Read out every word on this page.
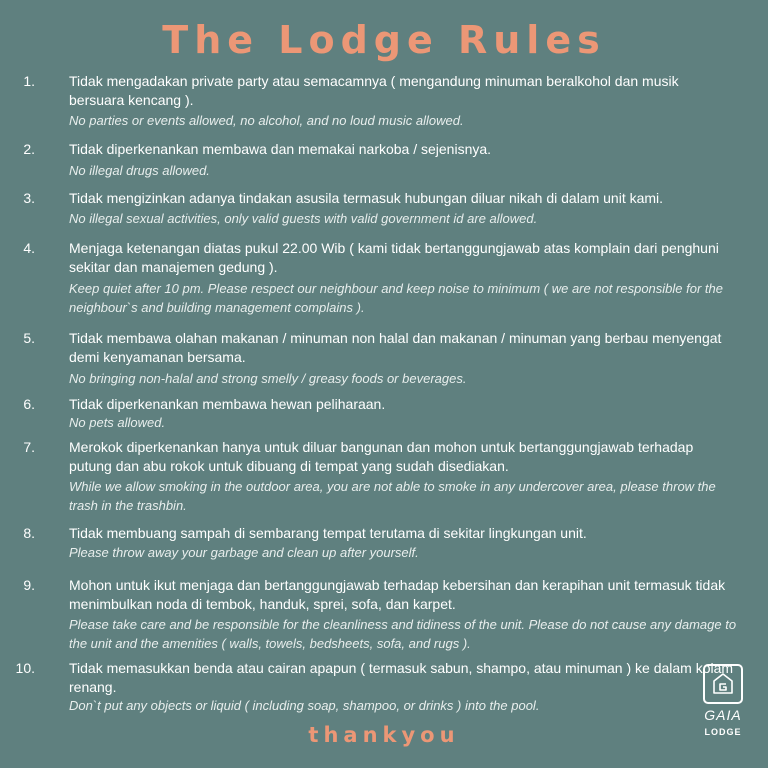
The Lodge Rules
1. Tidak mengadakan private party atau semacamnya ( mengandung minuman beralkohol dan musik bersuara kencang ).
No parties or events allowed, no alcohol, and no loud music allowed.
2. Tidak diperkenankan membawa dan memakai narkoba / sejenisnya.
No illegal drugs allowed.
3. Tidak mengizinkan adanya tindakan asusila termasuk hubungan diluar nikah di dalam unit kami.
No illegal sexual activities, only valid guests with valid government id are allowed.
4. Menjaga ketenangan diatas pukul 22.00 Wib ( kami tidak bertanggungjawab atas komplain dari penghuni sekitar dan manajemen gedung ).
Keep quiet after 10 pm. Please respect our neighbour and keep noise to minimum ( we are not responsible for the neighbour`s and building management complains ).
5. Tidak membawa olahan makanan / minuman non halal dan makanan / minuman yang berbau menyengat demi kenyamanan bersama.
No bringing non-halal and strong smelly / greasy foods or beverages.
6. Tidak diperkenankan membawa hewan peliharaan.
No pets allowed.
7. Merokok diperkenankan hanya untuk diluar bangunan dan mohon untuk bertanggungjawab terhadap putung dan abu rokok untuk dibuang di tempat yang sudah disediakan.
While we allow smoking in the outdoor area, you are not able to smoke in any undercover area, please throw the trash in the trashbin.
8. Tidak membuang sampah di sembarang tempat terutama di sekitar lingkungan unit.
Please throw away your garbage and clean up after yourself.
9. Mohon untuk ikut menjaga dan bertanggungjawab terhadap kebersihan dan kerapihan unit termasuk tidak menimbulkan noda di tembok, handuk, sprei, sofa, dan karpet.
Please take care and be responsible for the cleanliness and tidiness of the unit. Please do not cause any damage to the unit and the amenities ( walls, towels, bedsheets, sofa, and rugs ).
10. Tidak memasukkan benda atau cairan apapun ( termasuk sabun, shampo, atau minuman ) ke dalam kolam renang.
Don`t put any objects or liquid ( including soap, shampoo, or drinks ) into the pool.
thankyou
GAIA
LODGE
